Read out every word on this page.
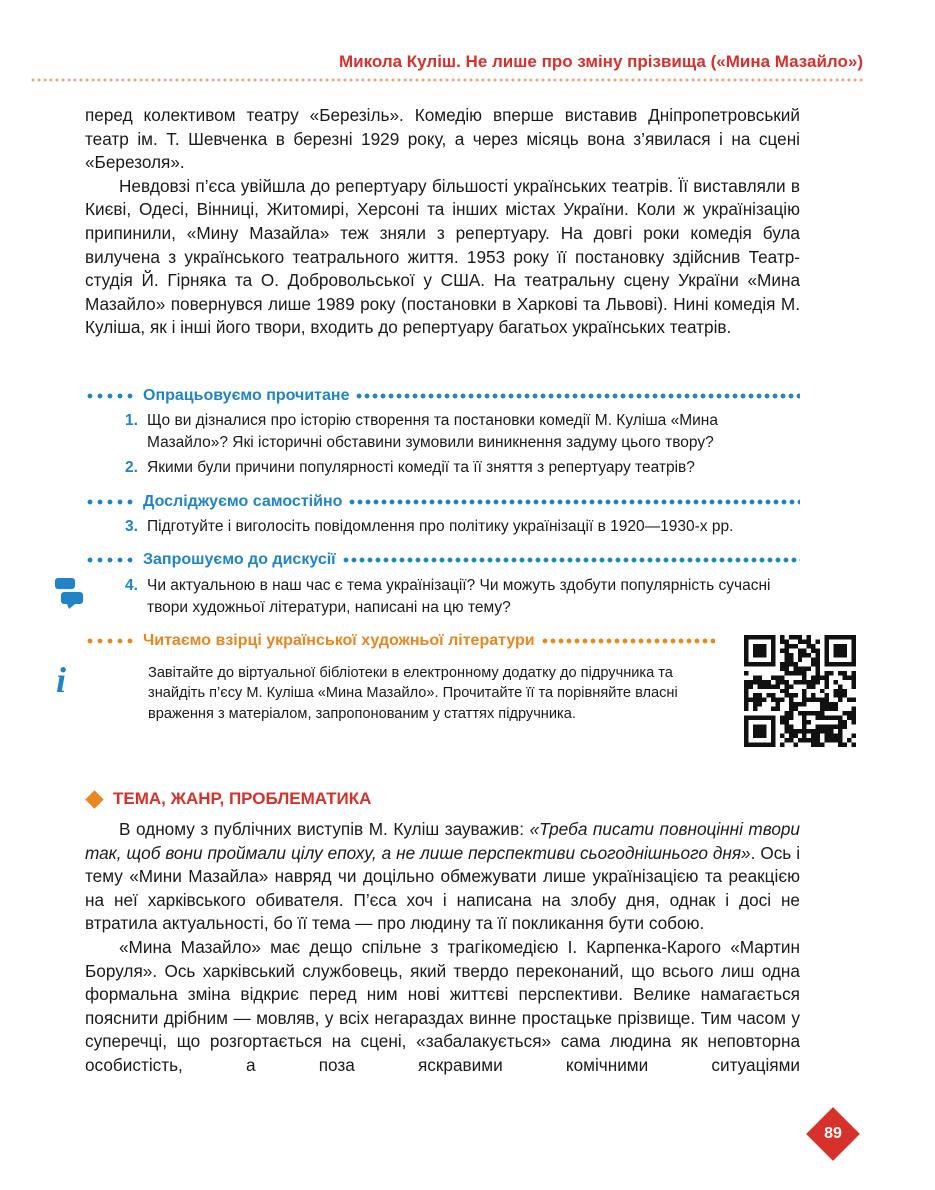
Микола Куліш. Не лише про зміну прізвища («Мина Мазайло»)

перед колективом театру «Березіль». Комедію вперше виставив Дніпропетровський театр ім. Т. Шевченка в березні 1929 року, а через місяць вона з’явилася і на сцені «Березоля».

Невдовзі п’єса увійшла до репертуару більшості українських театрів. Її виставляли в Києві, Одесі, Вінниці, Житомирі, Херсоні та інших містах України. Коли ж українізацію припинили, «Мину Мазайла» теж зняли з репертуару. На довгі роки комедія була вилучена з українського театрального життя. 1953 року її постановку здійснив Театр-студія Й. Гірняка та О. Добровольської у США. На театральну сцену України «Мина Мазайло» повернувся лише 1989 року (постановки в Харкові та Львові). Нині комедія М. Куліша, як і інші його твори, входить до репертуару багатьох українських театрів.

Опрацьовуємо прочитане
1. Що ви дізналися про історію створення та постановки комедії М. Куліша «Мина Мазайло»? Які історичні обставини зумовили виникнення задуму цього твору?
2. Якими були причини популярності комедії та її зняття з репертуару театрів?
Досліджуємо самостійно
3. Підготуйте і виголосіть повідомлення про політику українізації в 1920—1930-х рр.
Запрошуємо до дискусії
4. Чи актуальною в наш час є тема українізації? Чи можуть здобути популярність сучасні твори художньої літератури, написані на цю тему?
Читаємо взірці української художньої літератури
i	Завітайте до віртуальної бібліотеки в електронному додатку до підручника та знайдіть п’єсу М. Куліша «Мина Мазайло». Прочитайте її та порівняйте власні враження з матеріалом, запропонованим у статтях підручника.
ТЕМА, ЖАНР, ПРОБЛЕМАТИКА

В одному з публічних виступів М. Куліш зауважив: «Треба писати повноцінні твори так, щоб вони проймали цілу епоху, а не лише перспективи сьогоднішнього дня». Ось і тему «Мини Мазайла» навряд чи доцільно обмежувати лише українізацією та реакцією на неї харківського обивателя. П’єса хоч і написана на злобу дня, однак і досі не втратила актуальності, бо її тема — про людину та її покликання бути собою.

«Мина Мазайло» має дещо спільне з трагікомедією І. Карпенка-Карого «Мартин Боруля». Ось харківський службовець, який твердо переконаний, що всього лиш одна формальна зміна відкриє перед ним нові життєві перспективи. Велике намагається пояснити дрібним — мовляв, у всіх негараздах винне простацьке прізвище. Тим часом у суперечці, що розгортається на сцені, «забалакується» сама людина як неповторна особистість, а поза яскравими комічними ситуаціями

89
